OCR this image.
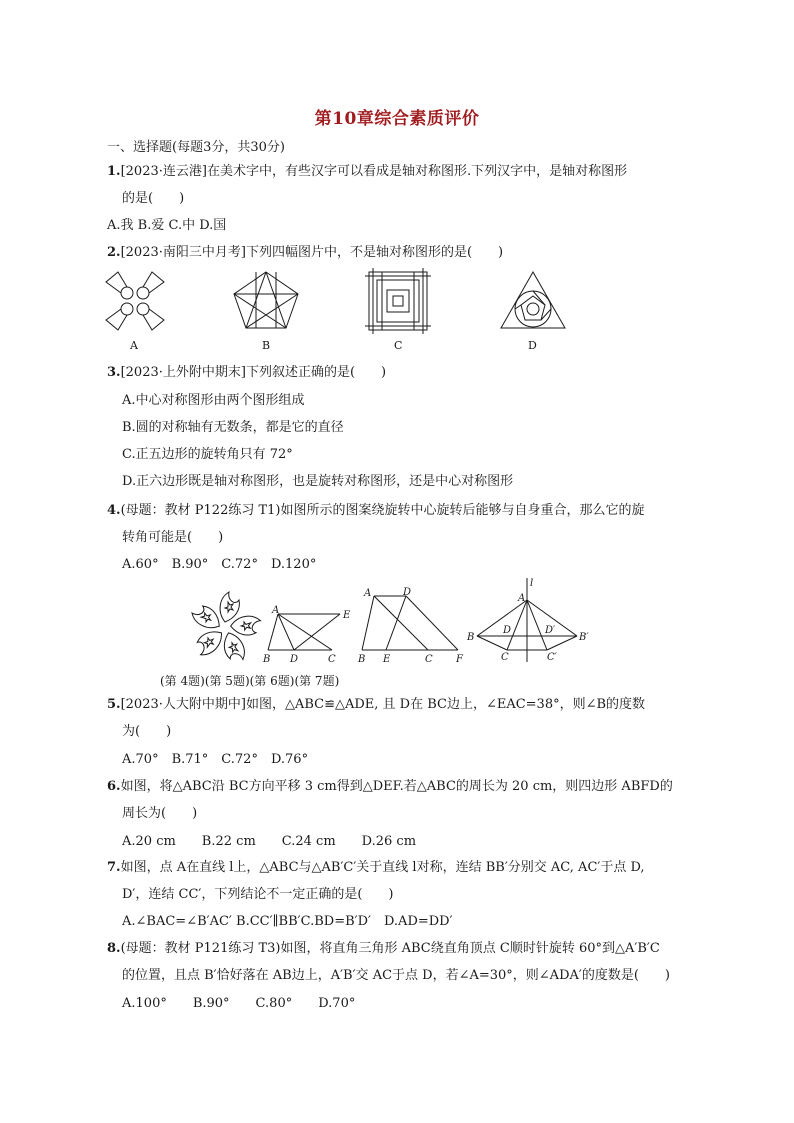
第10章综合素质评价
一、选择题(每题3分，共30分)
1.[2023·连云港]在美术字中，有些汉字可以看成是轴对称图形.下列汉字中，是轴对称图形
的是(　　)
A.我 B.爱 C.中 D.国
2.[2023·南阳三中月考]下列四幅图片中，不是轴对称图形的是(　　)
A	B	C	D
3.[2023·上外附中期末]下列叙述正确的是(　　)
A.中心对称图形由两个图形组成
B.圆的对称轴有无数条，都是它的直径
C.正五边形的旋转角只有 72°
D.正六边形既是轴对称图形，也是旋转对称图形，还是中心对称图形
4.(母题：教材 P122练习 T1)如图所示的图案绕旋转中心旋转后能够与自身重合，那么它的旋
转角可能是(　　)
A.60°　B.90°　C.72°　D.120°
A	E
B D	C
A	D
B E	C F
l
A
B	B′
D	D′
C	C′
(第 4题)(第 5题)(第 6题)(第 7题)
5.[2023·人大附中期中]如图，△ABC≌△ADE, 且 D在 BC边上，∠EAC=38°，则∠B的度数
为(　　)
A.70°　B.71°　C.72°　D.76°
6.如图，将△ABC沿 BC方向平移 3 cm得到△DEF.若△ABC的周长为 20 cm，则四边形 ABFD的
周长为(　　)
A.20 cm　　B.22 cm　　C.24 cm　　D.26 cm
7.如图，点 A在直线 l上，△ABC与△AB′C′关于直线 l对称，连结 BB′分别交 AC, AC′于点 D,
D′，连结 CC′，下列结论不一定正确的是(　　)
A.∠BAC=∠B′AC′ B.CC′∥BB′C.BD=B′D′　D.AD=DD′
8.(母题：教材 P121练习 T3)如图，将直角三角形 ABC绕直角顶点 C顺时针旋转 60°到△A′B′C
的位置，且点 B′恰好落在 AB边上，A′B′交 AC于点 D，若∠A=30°，则∠ADA′的度数是(　　)
A.100°　　B.90°　　C.80°　　D.70°
